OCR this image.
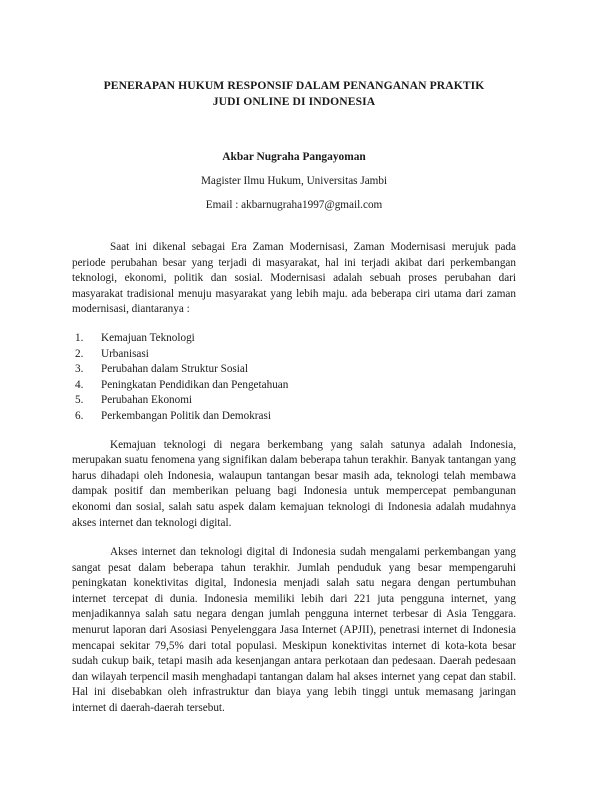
PENERAPAN HUKUM RESPONSIF DALAM PENANGANAN PRAKTIK
JUDI ONLINE DI INDONESIA

Akbar Nugraha Pangayoman

Magister Ilmu Hukum, Universitas Jambi

Email : akbarnugraha1997@gmail.com

Saat ini dikenal sebagai Era Zaman Modernisasi, Zaman Modernisasi merujuk pada periode perubahan besar yang terjadi di masyarakat, hal ini terjadi akibat dari perkembangan teknologi, ekonomi, politik dan sosial. Modernisasi adalah sebuah proses perubahan dari masyarakat tradisional menuju masyarakat yang lebih maju. ada beberapa ciri utama dari zaman modernisasi, diantaranya :

1.	Kemajuan Teknologi
2.	Urbanisasi
3.	Perubahan dalam Struktur Sosial
4.	Peningkatan Pendidikan dan Pengetahuan
5.	Perubahan Ekonomi
6.	Perkembangan Politik dan Demokrasi

Kemajuan teknologi di negara berkembang yang salah satunya adalah Indonesia, merupakan suatu fenomena yang signifikan dalam beberapa tahun terakhir. Banyak tantangan yang harus dihadapi oleh Indonesia, walaupun tantangan besar masih ada, teknologi telah membawa dampak positif dan memberikan peluang bagi Indonesia untuk mempercepat pembangunan ekonomi dan sosial, salah satu aspek dalam kemajuan teknologi di Indonesia adalah mudahnya akses internet dan teknologi digital.

Akses internet dan teknologi digital di Indonesia sudah mengalami perkembangan yang sangat pesat dalam beberapa tahun terakhir. Jumlah penduduk yang besar mempengaruhi peningkatan konektivitas digital, Indonesia menjadi salah satu negara dengan pertumbuhan internet tercepat di dunia. Indonesia memiliki lebih dari 221 juta pengguna internet, yang menjadikannya salah satu negara dengan jumlah pengguna internet terbesar di Asia Tenggara. menurut laporan dari Asosiasi Penyelenggara Jasa Internet (APJII), penetrasi internet di Indonesia mencapai sekitar 79,5% dari total populasi. Meskipun konektivitas internet di kota-kota besar sudah cukup baik, tetapi masih ada kesenjangan antara perkotaan dan pedesaan. Daerah pedesaan dan wilayah terpencil masih menghadapi tantangan dalam hal akses internet yang cepat dan stabil. Hal ini disebabkan oleh infrastruktur dan biaya yang lebih tinggi untuk memasang jaringan internet di daerah-daerah tersebut.
